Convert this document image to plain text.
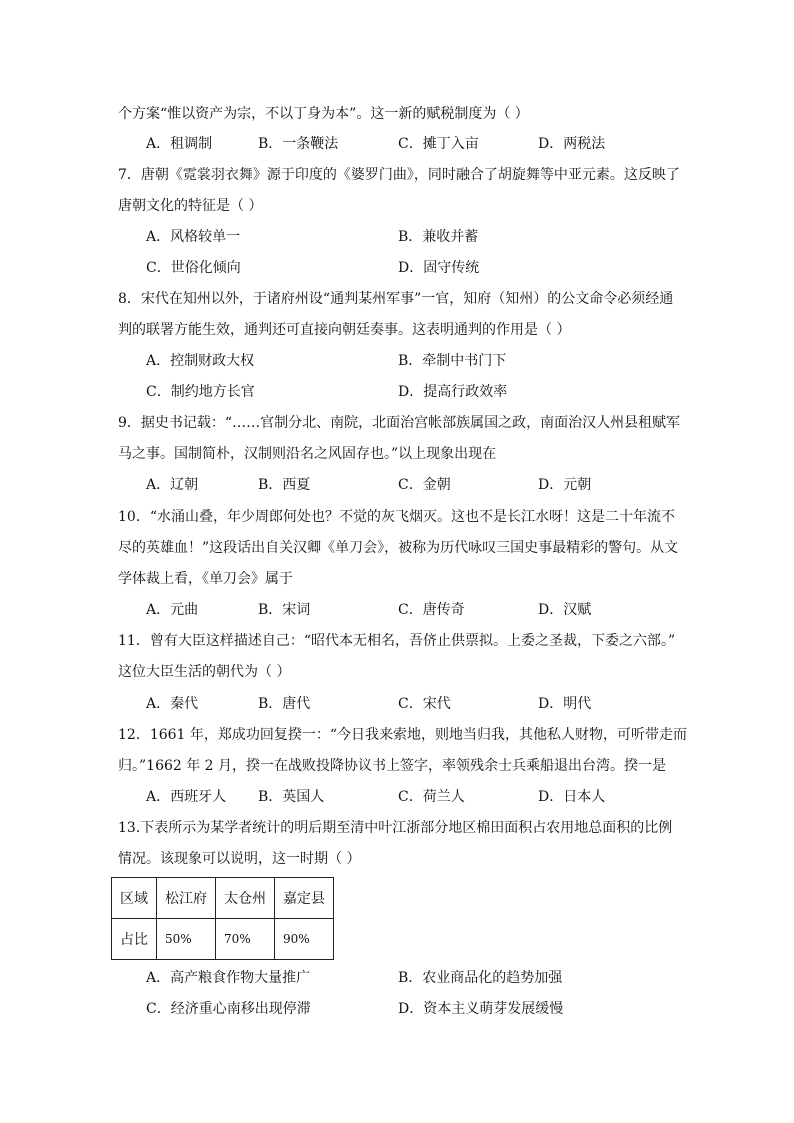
个方案“惟以资产为宗，不以丁身为本”。这一新的赋税制度为（ ）
A．租调制	B．一条鞭法	C．摊丁入亩	D．两税法
7．唐朝《霓裳羽衣舞》源于印度的《婆罗门曲》，同时融合了胡旋舞等中亚元素。这反映了
唐朝文化的特征是（ ）
A．风格较单一	B．兼收并蓄
C．世俗化倾向	D．固守传统
8．宋代在知州以外，于诸府州设“通判某州军事”一官，知府（知州）的公文命令必须经通
判的联署方能生效，通判还可直接向朝廷奏事。这表明通判的作用是（ ）
A．控制财政大权	B．牵制中书门下
C．制约地方长官	D．提高行政效率
9．据史书记载：“……官制分北、南院，北面治宫帐部族属国之政，南面治汉人州县租赋军
马之事。国制简朴，汉制则沿名之风固存也。”以上现象出现在
A．辽朝	B．西夏	C．金朝	D．元朝
10．“水涌山叠，年少周郎何处也？不觉的灰飞烟灭。这也不是长江水呀！这是二十年流不
尽的英雄血！”这段话出自关汉卿《单刀会》，被称为历代咏叹三国史事最精彩的警句。从文
学体裁上看，《单刀会》属于
A．元曲	B．宋词	C．唐传奇	D．汉赋
11．曾有大臣这样描述自己：“昭代本无相名，吾侪止供票拟。上委之圣裁，下委之六部。”
这位大臣生活的朝代为（ ）
A．秦代	B．唐代	C．宋代	D．明代
12．1661 年，郑成功回复揆一：“今日我来索地，则地当归我，其他私人财物，可听带走而
归。”1662 年 2 月，揆一在战败投降协议书上签字，率领残余士兵乘船退出台湾。揆一是
A．西班牙人 B．英国人	C．荷兰人	D．日本人
13.下表所示为某学者统计的明后期至清中叶江浙部分地区棉田面积占农用地总面积的比例
情况。该现象可以说明，这一时期（ ）
区域	松江府	太仓州	嘉定县
占比	50%	70%	90%
A．高产粮食作物大量推广	B．农业商品化的趋势加强
C．经济重心南移出现停滞	D．资本主义萌芽发展缓慢
